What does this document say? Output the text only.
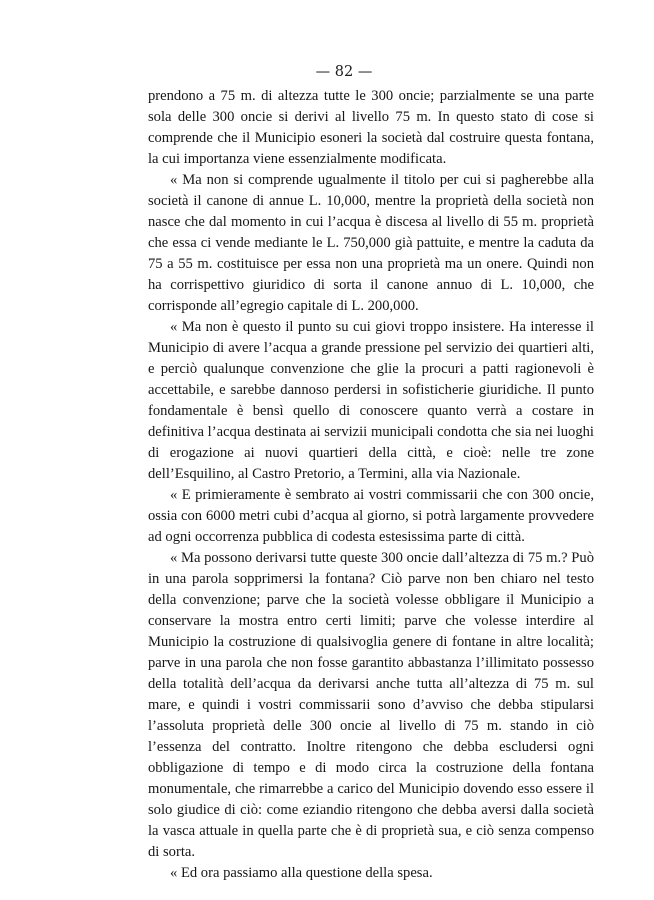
— 82 —

prendono a 75 m. di altezza tutte le 300 oncie; parzialmente se una parte sola delle 300 oncie si derivi al livello 75 m. In questo stato di cose si comprende che il Municipio esoneri la società dal costruire questa fontana, la cui importanza viene essenzialmente modificata.

« Ma non si comprende ugualmente il titolo per cui si pagherebbe alla società il canone di annue L. 10,000, mentre la proprietà della società non nasce che dal momento in cui l’acqua è discesa al livello di 55 m. proprietà che essa ci vende mediante le L. 750,000 già pattuite, e mentre la caduta da 75 a 55 m. costituisce per essa non una proprietà ma un onere. Quindi non ha corrispettivo giuridico di sorta il canone annuo di L. 10,000, che corrisponde all’egregio capitale di L. 200,000.

« Ma non è questo il punto su cui giovi troppo insistere. Ha interesse il Municipio di avere l’acqua a grande pressione pel servizio dei quartieri alti, e perciò qualunque convenzione che glie la procuri a patti ragionevoli è accettabile, e sarebbe dannoso perdersi in sofisticherie giuridiche. Il punto fondamentale è bensì quello di conoscere quanto verrà a costare in definitiva l’acqua destinata ai servizii municipali condotta che sia nei luoghi di erogazione ai nuovi quartieri della città, e cioè: nelle tre zone dell’Esquilino, al Castro Pretorio, a Termini, alla via Nazionale.

« E primieramente è sembrato ai vostri commissarii che con 300 oncie, ossia con 6000 metri cubi d’acqua al giorno, si potrà largamente provvedere ad ogni occorrenza pubblica di codesta estesissima parte di città.

« Ma possono derivarsi tutte queste 300 oncie dall’altezza di 75 m.? Può in una parola sopprimersi la fontana? Ciò parve non ben chiaro nel testo della convenzione; parve che la società volesse obbligare il Municipio a conservare la mostra entro certi limiti; parve che volesse interdire al Municipio la costruzione di qualsivoglia genere di fontane in altre località; parve in una parola che non fosse garantito abbastanza l’illimitato possesso della totalità dell’acqua da derivarsi anche tutta all’altezza di 75 m. sul mare, e quindi i vostri commissarii sono d’avviso che debba stipularsi l’assoluta proprietà delle 300 oncie al livello di 75 m. stando in ciò l’essenza del contratto. Inoltre ritengono che debba escludersi ogni obbligazione di tempo e di modo circa la costruzione della fontana monumentale, che rimarrebbe a carico del Municipio dovendo esso essere il solo giudice di ciò: come eziandio ritengono che debba aversi dalla società la vasca attuale in quella parte che è di proprietà sua, e ciò senza compenso di sorta.

« Ed ora passiamo alla questione della spesa.
